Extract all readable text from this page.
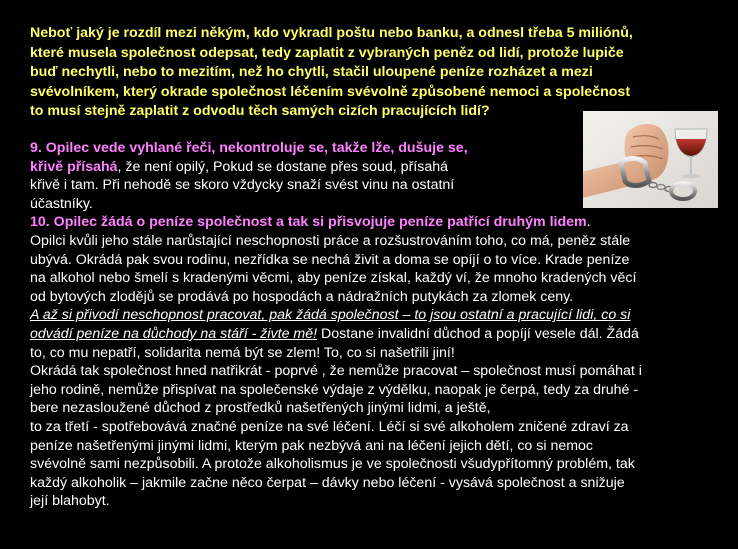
Neboť jaký je rozdíl mezi někým, kdo vykradl poštu nebo banku, a odnesl třeba 5 miliónů,
které musela společnost odepsat, tedy zaplatit z vybraných peněz od lidí, protože lupiče
buď nechytli, nebo to mezitím, než ho chytli, stačil uloupené peníze rozházet a mezi
svévolníkem, který okrade společnost léčením svévolně způsobené nemoci a společnost
to musí stejně zaplatit z odvodu těch samých cizích pracujících lidí?

9. Opilec vede vyhlané řeči, nekontroluje se, takže lže, dušuje se,
křivě přísahá, že není opilý, Pokud se dostane přes soud, přísahá
křivě i tam. Při nehodě se skoro vždycky snaží svést vinu na ostatní
účastníky.
10. Opilec žádá o peníze společnost a tak si přisvojuje peníze patřící druhým lidem.
Opilci kvůli jeho stále narůstající neschopnosti práce a rozšustrováním toho, co má, peněz stále
ubývá. Okrádá pak svou rodinu, nezřídka se nechá živit a doma se opíjí o to více. Krade peníze
na alkohol nebo šmelí s kradenými věcmi, aby peníze získal, každý ví, že mnoho kradených věcí
od bytových zlodějů se prodává po hospodách a nádražních putykách za zlomek ceny.
A až si přivodí neschopnost pracovat, pak žádá společnost – to jsou ostatní a pracující lidi, co si
odvádí peníze na důchody na stáří - živte mě! Dostane invalidní důchod a popíjí vesele dál. Žádá
to, co mu nepatří, solidarita nemá být se zlem! To, co si našetřili jiní!
Okrádá tak společnost hned natřikrát - poprvé , že nemůže pracovat – společnost musí pomáhat i
jeho rodině, nemůže přispívat na společenské výdaje z výdělku, naopak je čerpá, tedy za druhé -
bere nezasloužené důchod z prostředků našetřených jinými lidmi, a ještě,
to za třetí - spotřebovává značné peníze na své léčení. Léčí si své alkoholem zničené zdraví za
peníze našetřenými jinými lidmi, kterým pak nezbývá ani na léčení jejich dětí, co si nemoc
svévolně sami nezpůsobili. A protože alkoholismus je ve společnosti všudypřítomný problém, tak
každý alkoholik – jakmile začne něco čerpat – dávky nebo léčení - vysává společnost a snižuje
její blahobyt.
